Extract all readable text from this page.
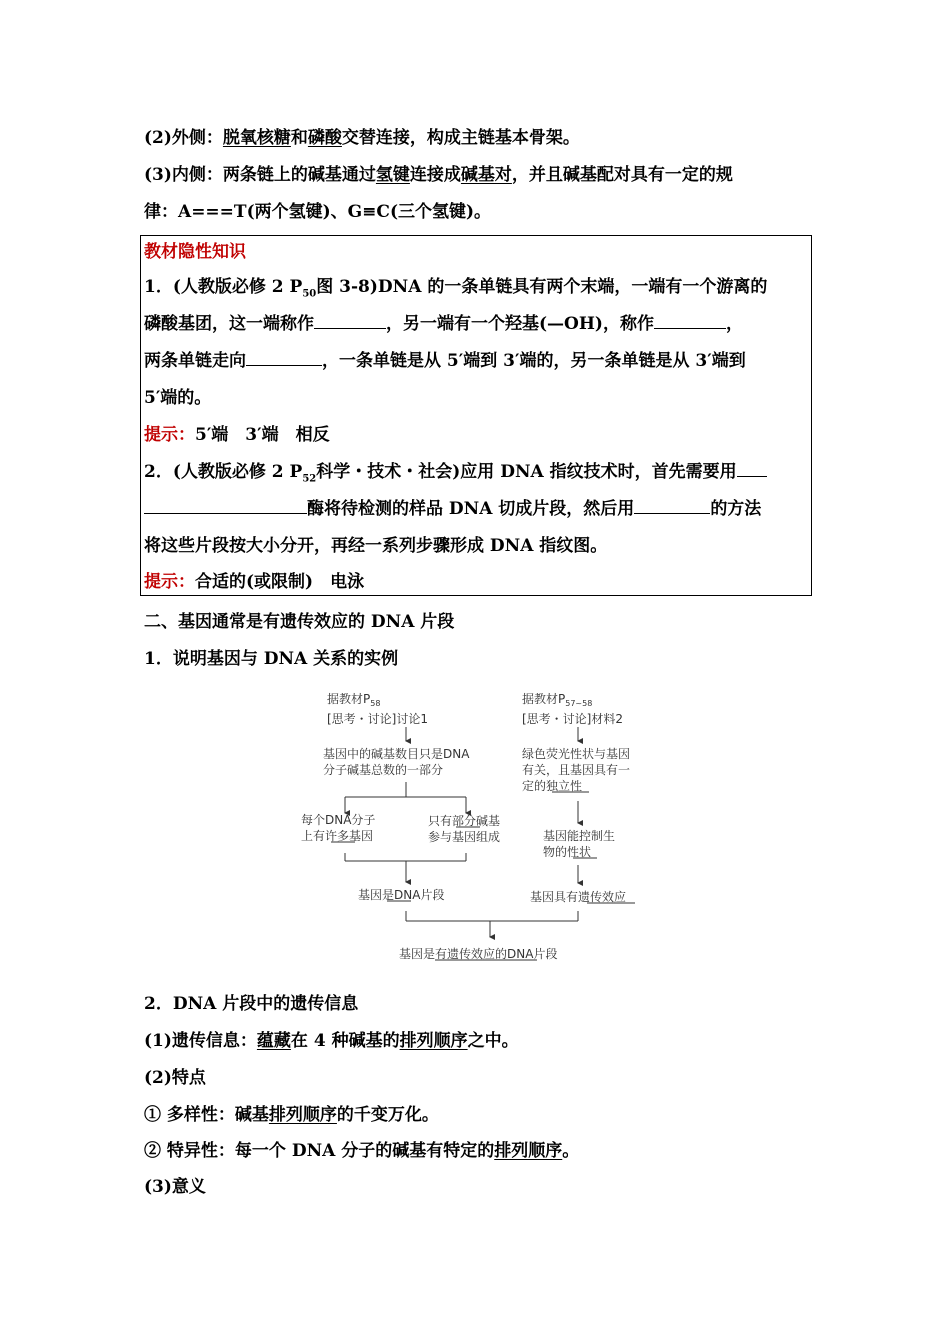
(2)外侧：脱氧核糖和磷酸交替连接，构成主链基本骨架。
(3)内侧：两条链上的碱基通过氢键连接成碱基对，并且碱基配对具有一定的规
律：A===T(两个氢键)、G≡C(三个氢键)。
教材隐性知识
1．(人教版必修 2 $P_{50}$图 3-8)DNA 的一条单链具有两个末端，一端有一个游离的
磷酸基团，这一端称作	，另一端有一个羟基(—OH)，称作	，
两条单链走向	，一条单链是从 5′端到 3′端的，另一条单链是从 3′端到
5′端的。
提示：5′端　3′端　相反
2．(人教版必修 2 $P_{52}$科学・技术・社会)应用 DNA 指纹技术时，首先需要用
酶将待检测的样品 DNA 切成片段，然后用	的方法
将这些片段按大小分开，再经一系列步骤形成 DNA 指纹图。
提示：合适的(或限制)　电泳
二、基因通常是有遗传效应的 DNA 片段
1．说明基因与 DNA 关系的实例
据教材$P_{58}$
[思考・讨论]讨论1
基因中的碱基数目只是DNA
分子碱基总数的一部分
每个DNA分子
上有许多基因
只有部分碱基
参与基因组成
基因是DNA片段
据教材$P_{57\sim 58}$
[思考・讨论]材料2
绿色荧光性状与基因
有关，且基因具有一
定的独立性
基因能控制生
物的性状
基因具有遗传效应
基因是有遗传效应的DNA片段
2．DNA 片段中的遗传信息
(1)遗传信息：蕴藏在 4 种碱基的排列顺序之中。
(2)特点
① 多样性：碱基排列顺序的千变万化。
② 特异性：每一个 DNA 分子的碱基有特定的排列顺序。
(3)意义
